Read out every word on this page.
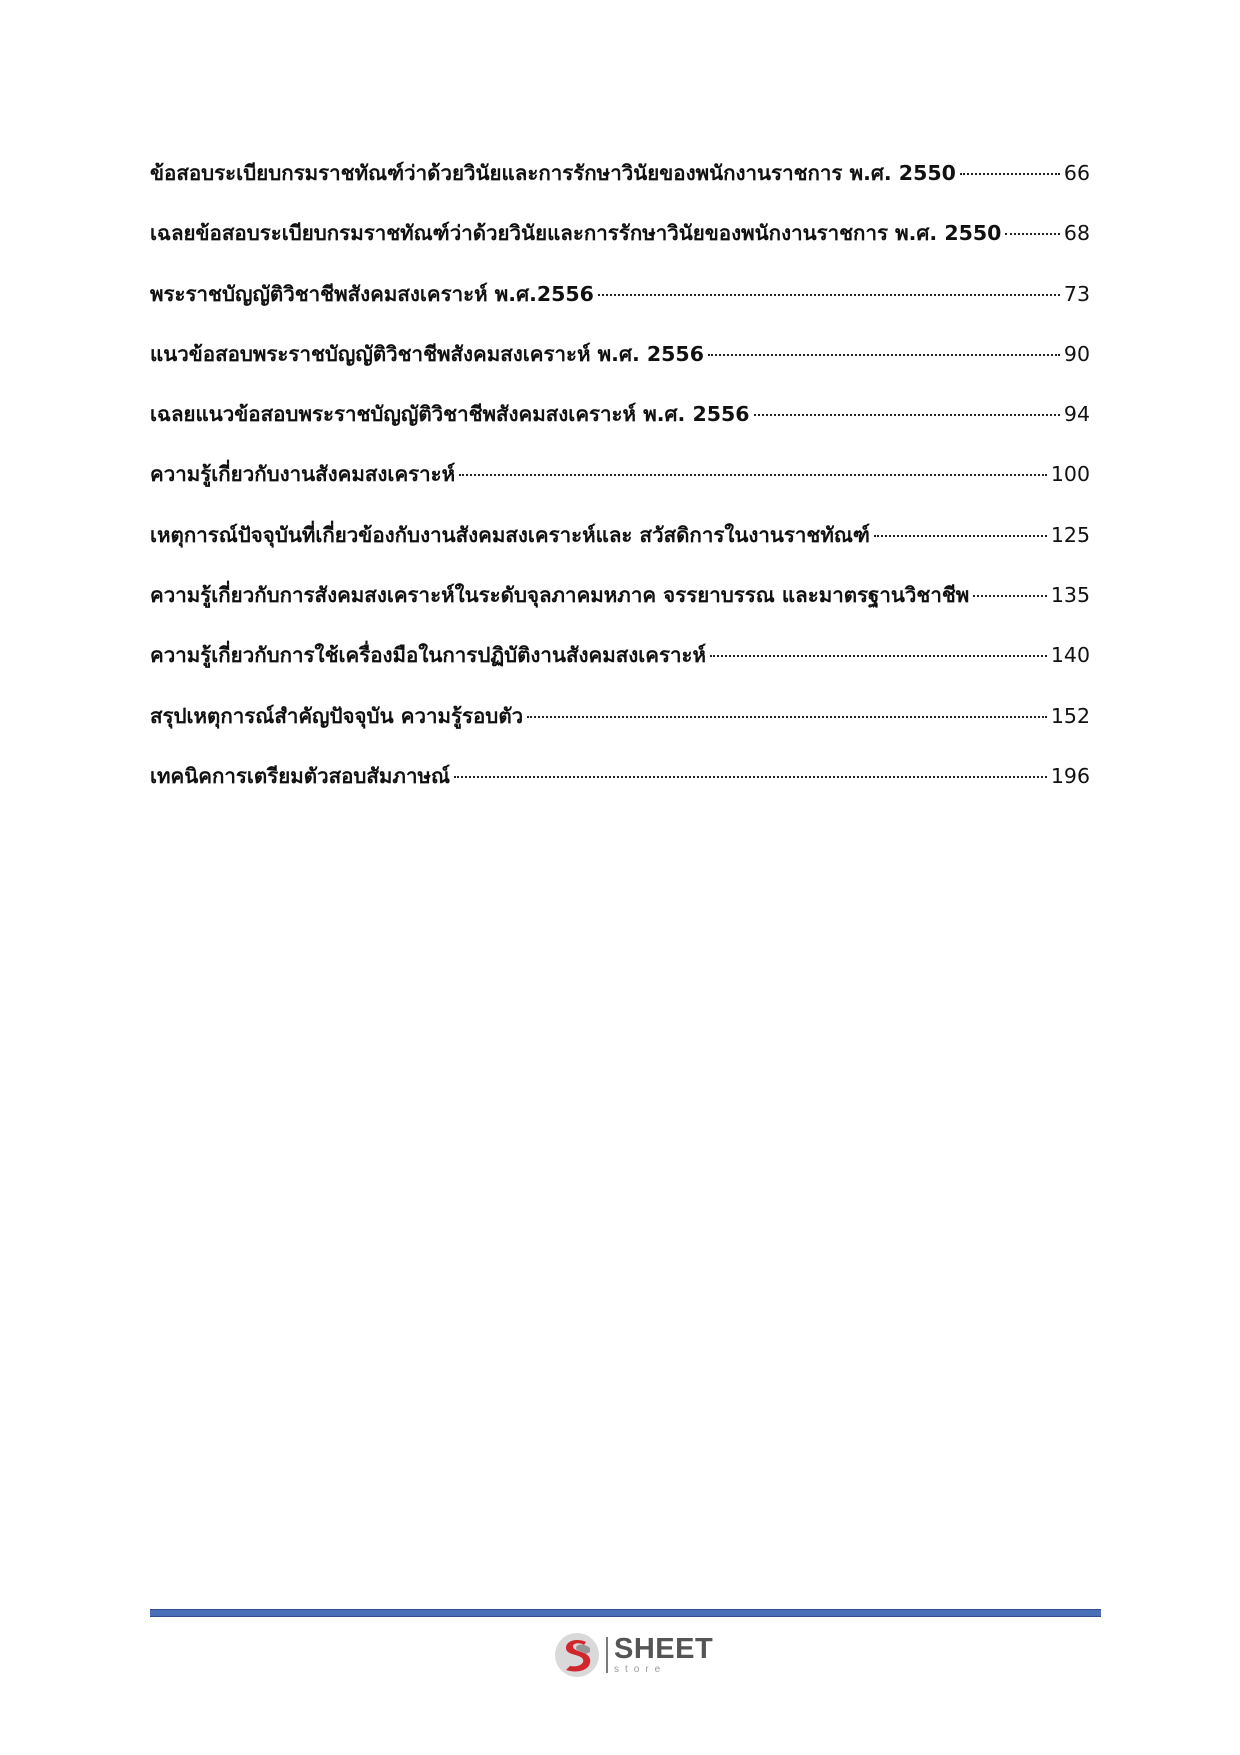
ข้อสอบระเบียบกรมราชทัณฑ์ว่าด้วยวินัยและการรักษาวินัยของพนักงานราชการ พ.ศ. 2550	66
เฉลยข้อสอบระเบียบกรมราชทัณฑ์ว่าด้วยวินัยและการรักษาวินัยของพนักงานราชการ พ.ศ. 2550	68
พระราชบัญญัติวิชาชีพสังคมสงเคราะห์ พ.ศ.2556	73
แนวข้อสอบพระราชบัญญัติวิชาชีพสังคมสงเคราะห์ พ.ศ. 2556	90
เฉลยแนวข้อสอบพระราชบัญญัติวิชาชีพสังคมสงเคราะห์ พ.ศ. 2556	94
ความรู้เกี่ยวกับงานสังคมสงเคราะห์	100
เหตุการณ์ปัจจุบันที่เกี่ยวข้องกับงานสังคมสงเคราะห์และ สวัสดิการในงานราชทัณฑ์	125
ความรู้เกี่ยวกับการสังคมสงเคราะห์ในระดับจุลภาคมหภาค จรรยาบรรณ และมาตรฐานวิชาชีพ	135
ความรู้เกี่ยวกับการใช้เครื่องมือในการปฏิบัติงานสังคมสงเคราะห์	140
สรุปเหตุการณ์สำคัญปัจจุบัน ความรู้รอบตัว	152
เทคนิคการเตรียมตัวสอบสัมภาษณ์	196
SHEET
store
